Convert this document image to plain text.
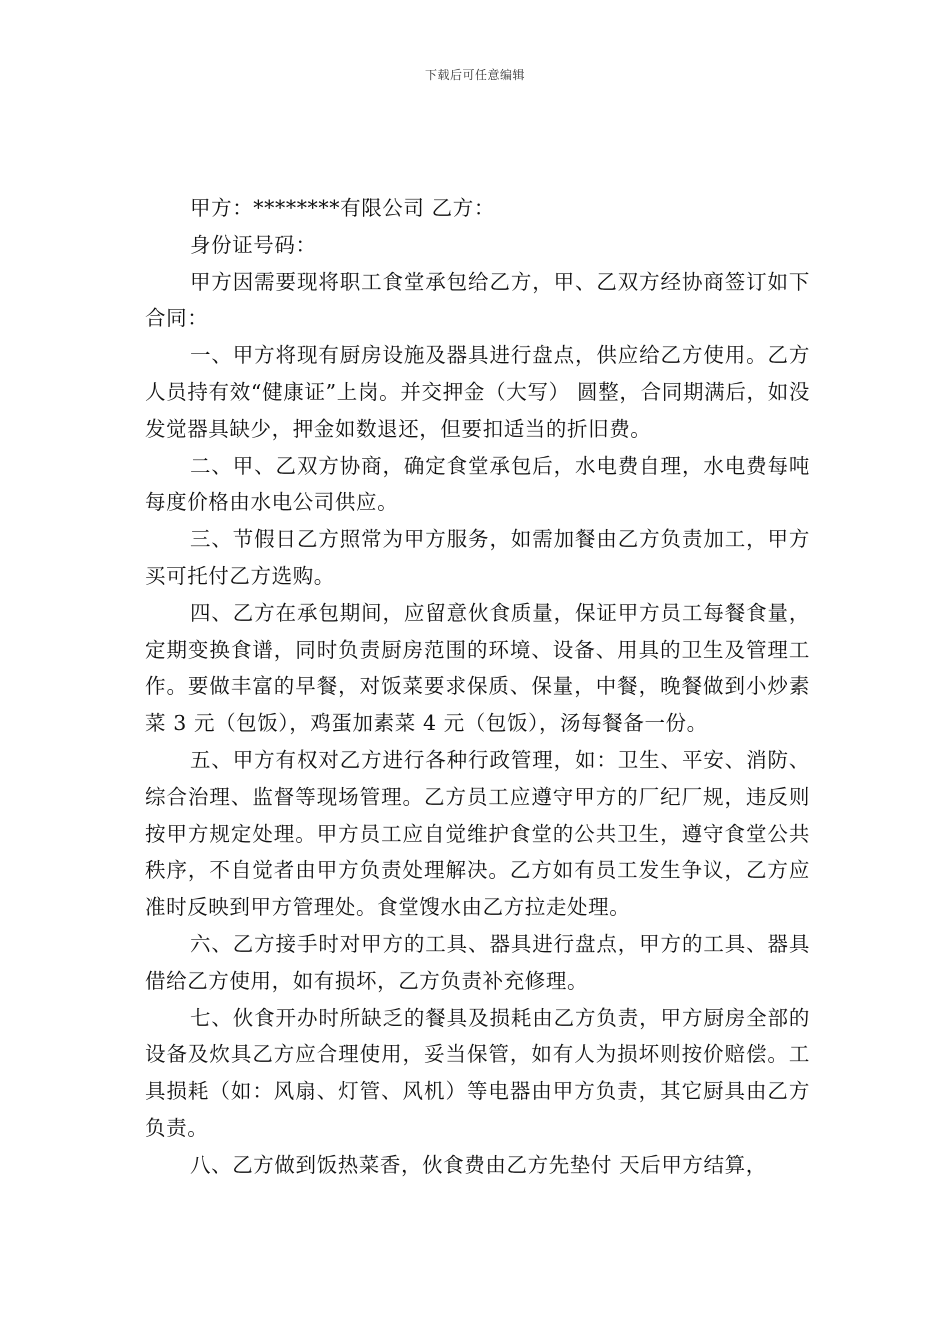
下载后可任意编辑

甲方：********有限公司 乙方：

身份证号码：

甲方因需要现将职工食堂承包给乙方，甲、乙双方经协商签订如下合同：

一、甲方将现有厨房设施及器具进行盘点，供应给乙方使用。乙方人员持有效“健康证”上岗。并交押金（大写） 圆整，合同期满后，如没发觉器具缺少，押金如数退还，但要扣适当的折旧费。

二、甲、乙双方协商，确定食堂承包后，水电费自理，水电费每吨每度价格由水电公司供应。

三、节假日乙方照常为甲方服务，如需加餐由乙方负责加工，甲方买可托付乙方选购。

四、乙方在承包期间，应留意伙食质量，保证甲方员工每餐食量，定期变换食谱，同时负责厨房范围的环境、设备、用具的卫生及管理工作。要做丰富的早餐，对饭菜要求保质、保量，中餐，晚餐做到小炒素菜 3 元（包饭），鸡蛋加素菜 4 元（包饭），汤每餐备一份。

五、甲方有权对乙方进行各种行政管理，如：卫生、平安、消防、综合治理、监督等现场管理。乙方员工应遵守甲方的厂纪厂规，违反则按甲方规定处理。甲方员工应自觉维护食堂的公共卫生，遵守食堂公共秩序，不自觉者由甲方负责处理解决。乙方如有员工发生争议，乙方应准时反映到甲方管理处。食堂馊水由乙方拉走处理。

六、乙方接手时对甲方的工具、器具进行盘点，甲方的工具、器具借给乙方使用，如有损坏，乙方负责补充修理。

七、伙食开办时所缺乏的餐具及损耗由乙方负责，甲方厨房全部的设备及炊具乙方应合理使用，妥当保管，如有人为损坏则按价赔偿。工具损耗（如：风扇、灯管、风机）等电器由甲方负责，其它厨具由乙方负责。

八、乙方做到饭热菜香，伙食费由乙方先垫付 天后甲方结算，
